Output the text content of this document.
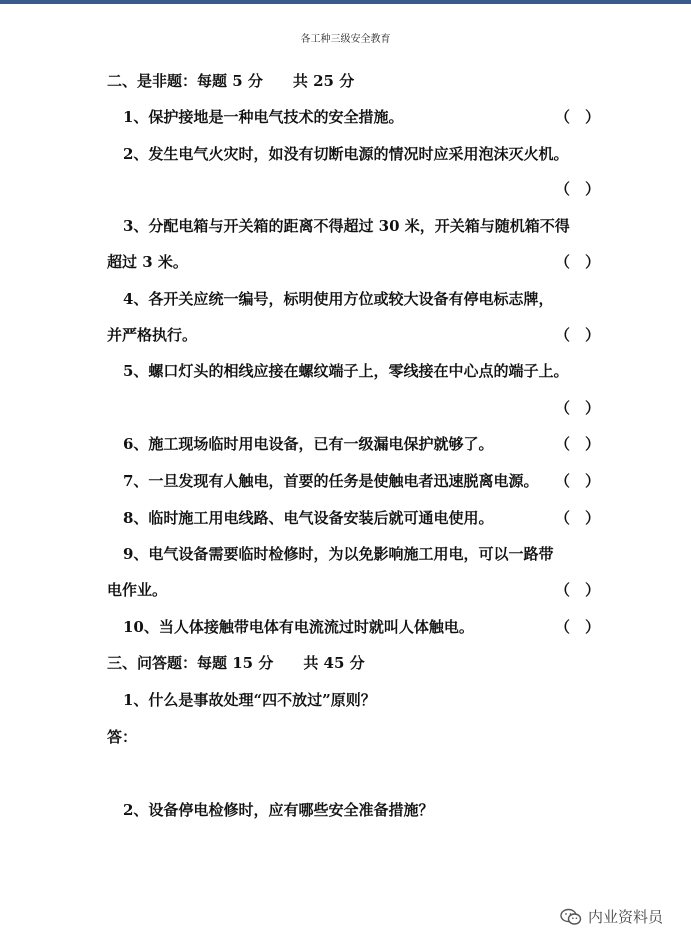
各工种三级安全教育
二、是非题：每题 5 分　　共 25 分
1、保护接地是一种电气技术的安全措施。	（　）
2、发生电气火灾时，如没有切断电源的情况时应采用泡沫灭火机。
（　）
3、分配电箱与开关箱的距离不得超过 30 米，开关箱与随机箱不得
超过 3 米。	（　）
4、各开关应统一编号，标明使用方位或较大设备有停电标志牌，
并严格执行。	（　）
5、螺口灯头的相线应接在螺纹端子上，零线接在中心点的端子上。
（　）
6、施工现场临时用电设备，已有一级漏电保护就够了。	（　）
7、一旦发现有人触电，首要的任务是使触电者迅速脱离电源。 （　）
8、临时施工用电线路、电气设备安装后就可通电使用。	（　）
9、电气设备需要临时检修时，为以免影响施工用电，可以一路带
电作业。	（　）
10、当人体接触带电体有电流流过时就叫人体触电。	（　）
三、问答题：每题 15 分　　共 45 分
1、什么是事故处理“四不放过”原则？
答：
2、设备停电检修时，应有哪些安全准备措施？
内业资料员
